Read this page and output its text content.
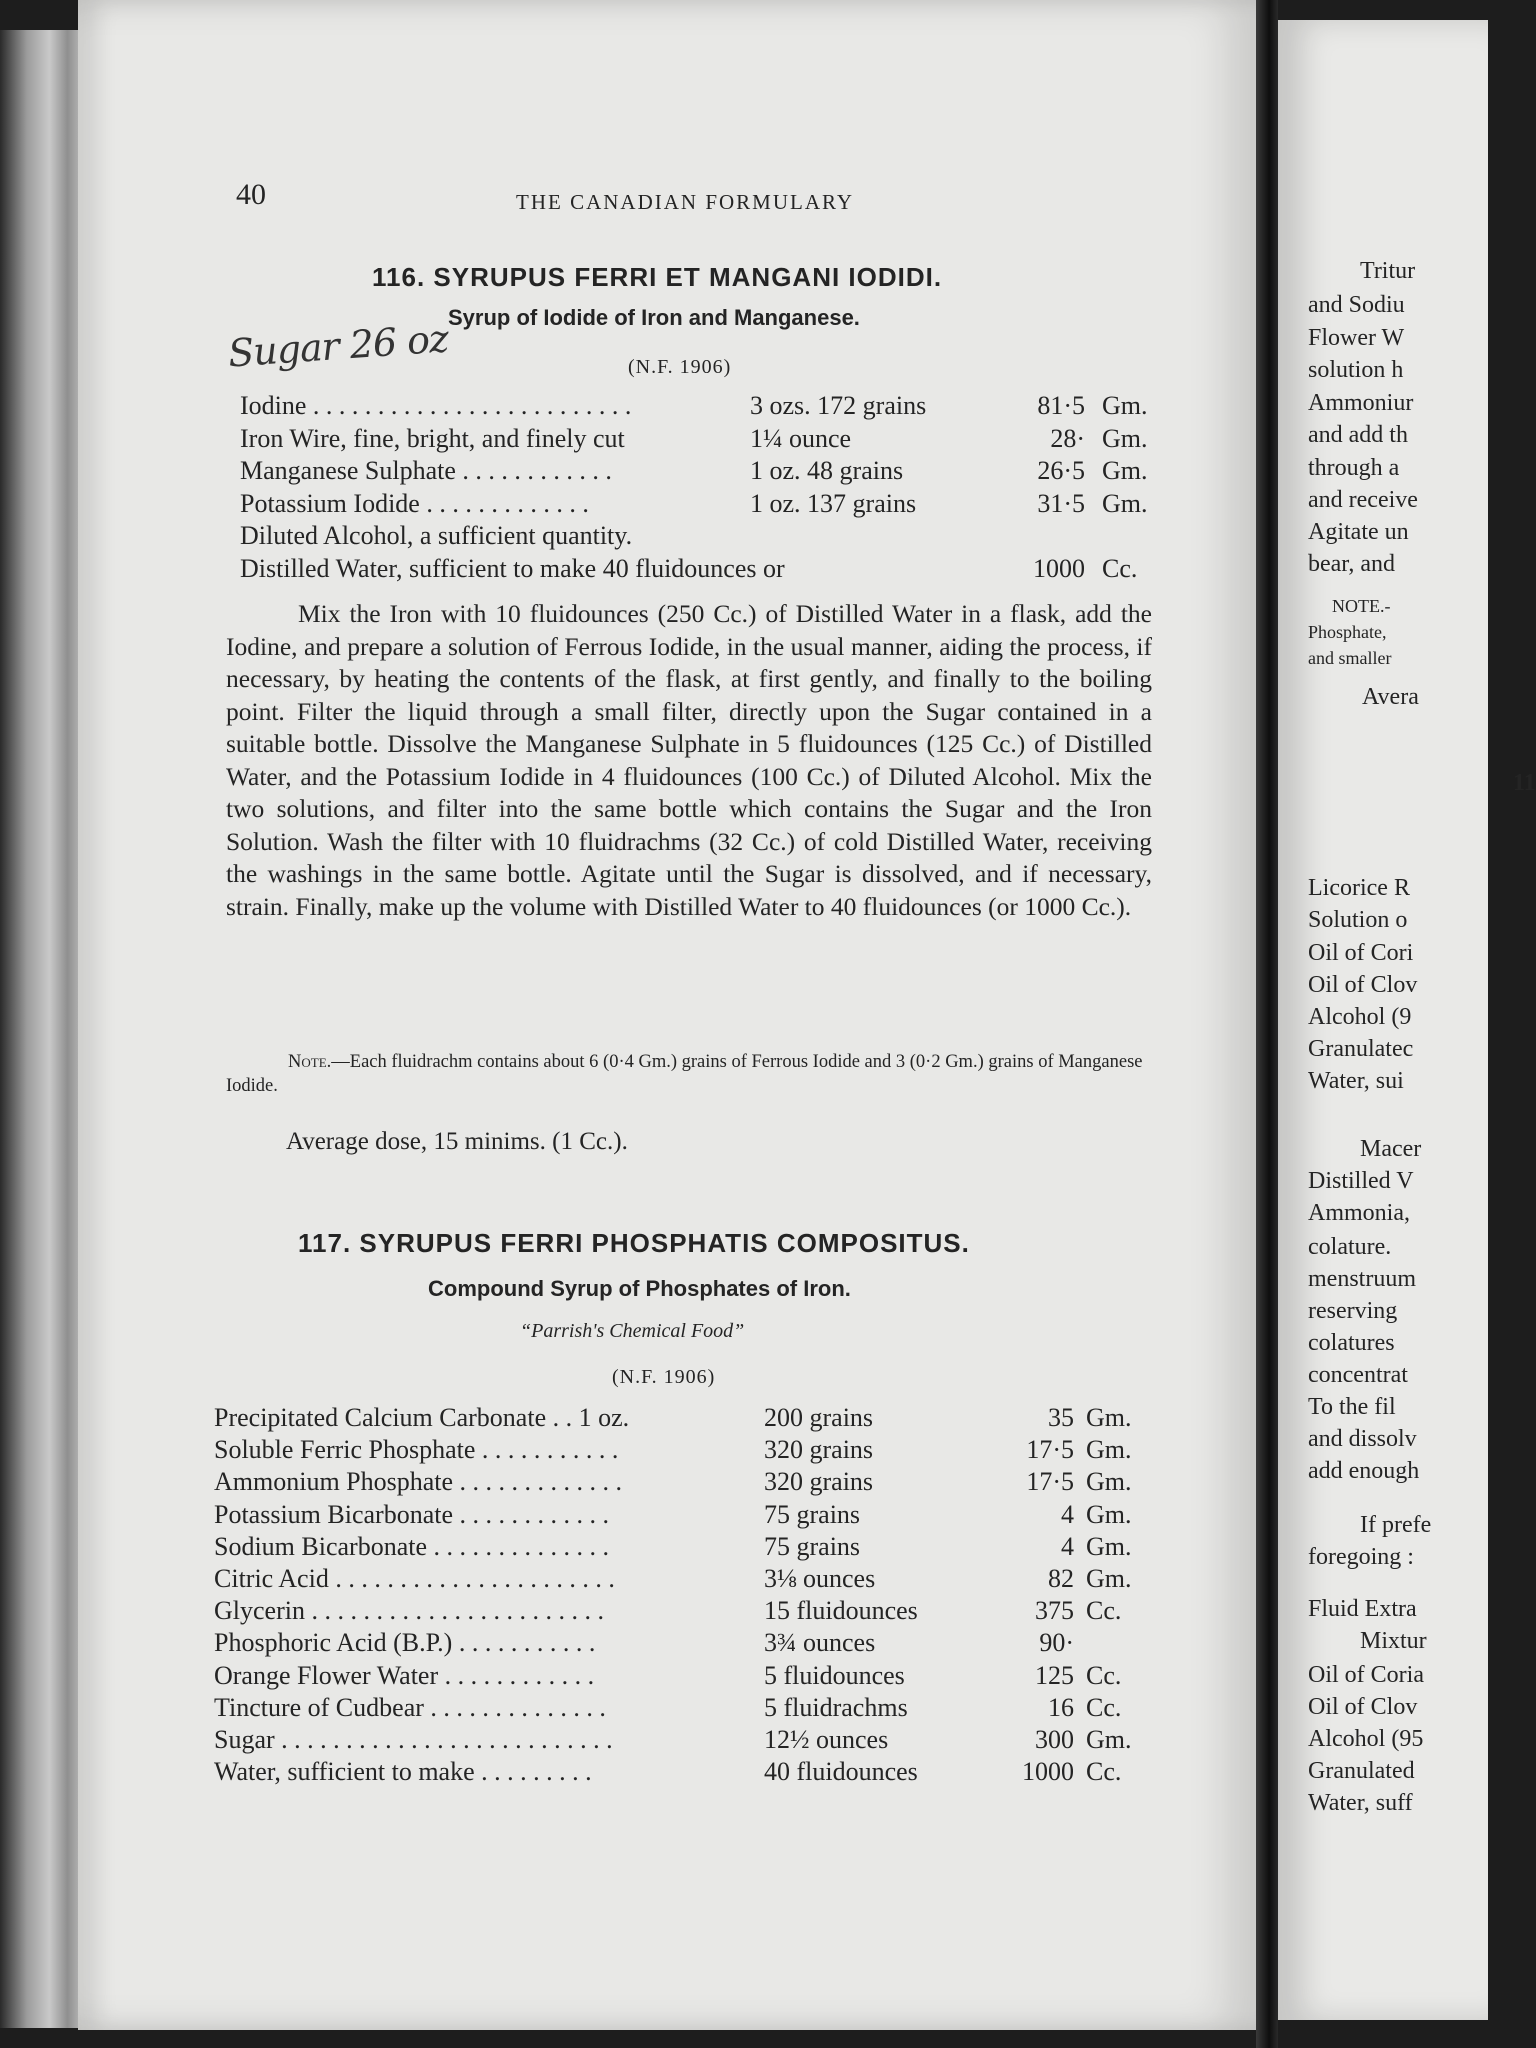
40	THE CANADIAN FORMULARY
Sugar 26 oz
116. SYRUPUS FERRI ET MANGANI IODIDI.
Syrup of Iodide of Iron and Manganese.
(N.F. 1906)
Iodine . . . . . . . . . . . . . . . . . . . . . . . . .	3 ozs. 172 grains	81·5 Gm.
Iron Wire, fine, bright, and finely cut	1¼ ounce	28· Gm.
Manganese Sulphate . . . . . . . . . . . .	1 oz. 48 grains	26·5 Gm.
Potassium Iodide . . . . . . . . . . . . .	1 oz. 137 grains	31·5 Gm.
Diluted Alcohol, a sufficient quantity.
Distilled Water, sufficient to make 40 fluidounces or	1000 Cc.
Mix the Iron with 10 fluidounces (250 Cc.) of Distilled Water in a flask, add the Iodine, and prepare a solution of Ferrous Iodide, in the usual manner, aiding the process, if necessary, by heating the contents of the flask, at first gently, and finally to the boiling point. Filter the liquid through a small filter, directly upon the Sugar contained in a suitable bottle. Dissolve the Manganese Sulphate in 5 fluidounces (125 Cc.) of Distilled Water, and the Potassium Iodide in 4 fluidounces (100 Cc.) of Diluted Alcohol. Mix the two solutions, and filter into the same bottle which contains the Sugar and the Iron Solution. Wash the filter with 10 fluidrachms (32 Cc.) of cold Distilled Water, receiving the washings in the same bottle. Agitate until the Sugar is dissolved, and if necessary, strain. Finally, make up the volume with Distilled Water to 40 fluidounces (or 1000 Cc.).
Note.—Each fluidrachm contains about 6 (0·4 Gm.) grains of Ferrous Iodide and 3 (0·2 Gm.) grains of Manganese Iodide.
Average dose, 15 minims. (1 Cc.).
117. SYRUPUS FERRI PHOSPHATIS COMPOSITUS.
Compound Syrup of Phosphates of Iron.
“Parrish's Chemical Food”
(N.F. 1906)
Precipitated Calcium Carbonate . . 1 oz.	200 grains	35 Gm.
Soluble Ferric Phosphate . . . . . . . . . . .	320 grains	17·5 Gm.
Ammonium Phosphate . . . . . . . . . . . . .	320 grains	17·5 Gm.
Potassium Bicarbonate . . . . . . . . . . . .	75 grains	4 Gm.
Sodium Bicarbonate . . . . . . . . . . . . . .	75 grains	4 Gm.
Citric Acid . . . . . . . . . . . . . . . . . . . . . .	3⅛ ounces	82 Gm.
Glycerin . . . . . . . . . . . . . . . . . . . . . . .	15 fluidounces	375 Cc.
Phosphoric Acid (B.P.) . . . . . . . . . . .	3¾ ounces	90·
Orange Flower Water . . . . . . . . . . . .	5 fluidounces	125 Cc.
Tincture of Cudbear . . . . . . . . . . . . . .	5 fluidrachms	16 Cc.
Sugar . . . . . . . . . . . . . . . . . . . . . . . . . .	12½ ounces	300 Gm.
Water, sufficient to make . . . . . . . . .	40 fluidounces	1000 Cc.
Tritur
and Sodiu
Flower W
solution h
Ammoniur
and add th
through a
and receive
Agitate un
bear, and
NOTE.-
Phosphate,
and smaller
Avera
11
Licorice R
Solution o
Oil of Cori
Oil of Clov
Alcohol (9
Granulatec
Water, sui
Macer
Distilled V
Ammonia,
colature.
menstruum
reserving
colatures
concentrat
To the fil
and dissolv
add enough
If prefe
foregoing :
Fluid Extra
Mixtur
Oil of Coria
Oil of Clov
Alcohol (95
Granulated
Water, suff
